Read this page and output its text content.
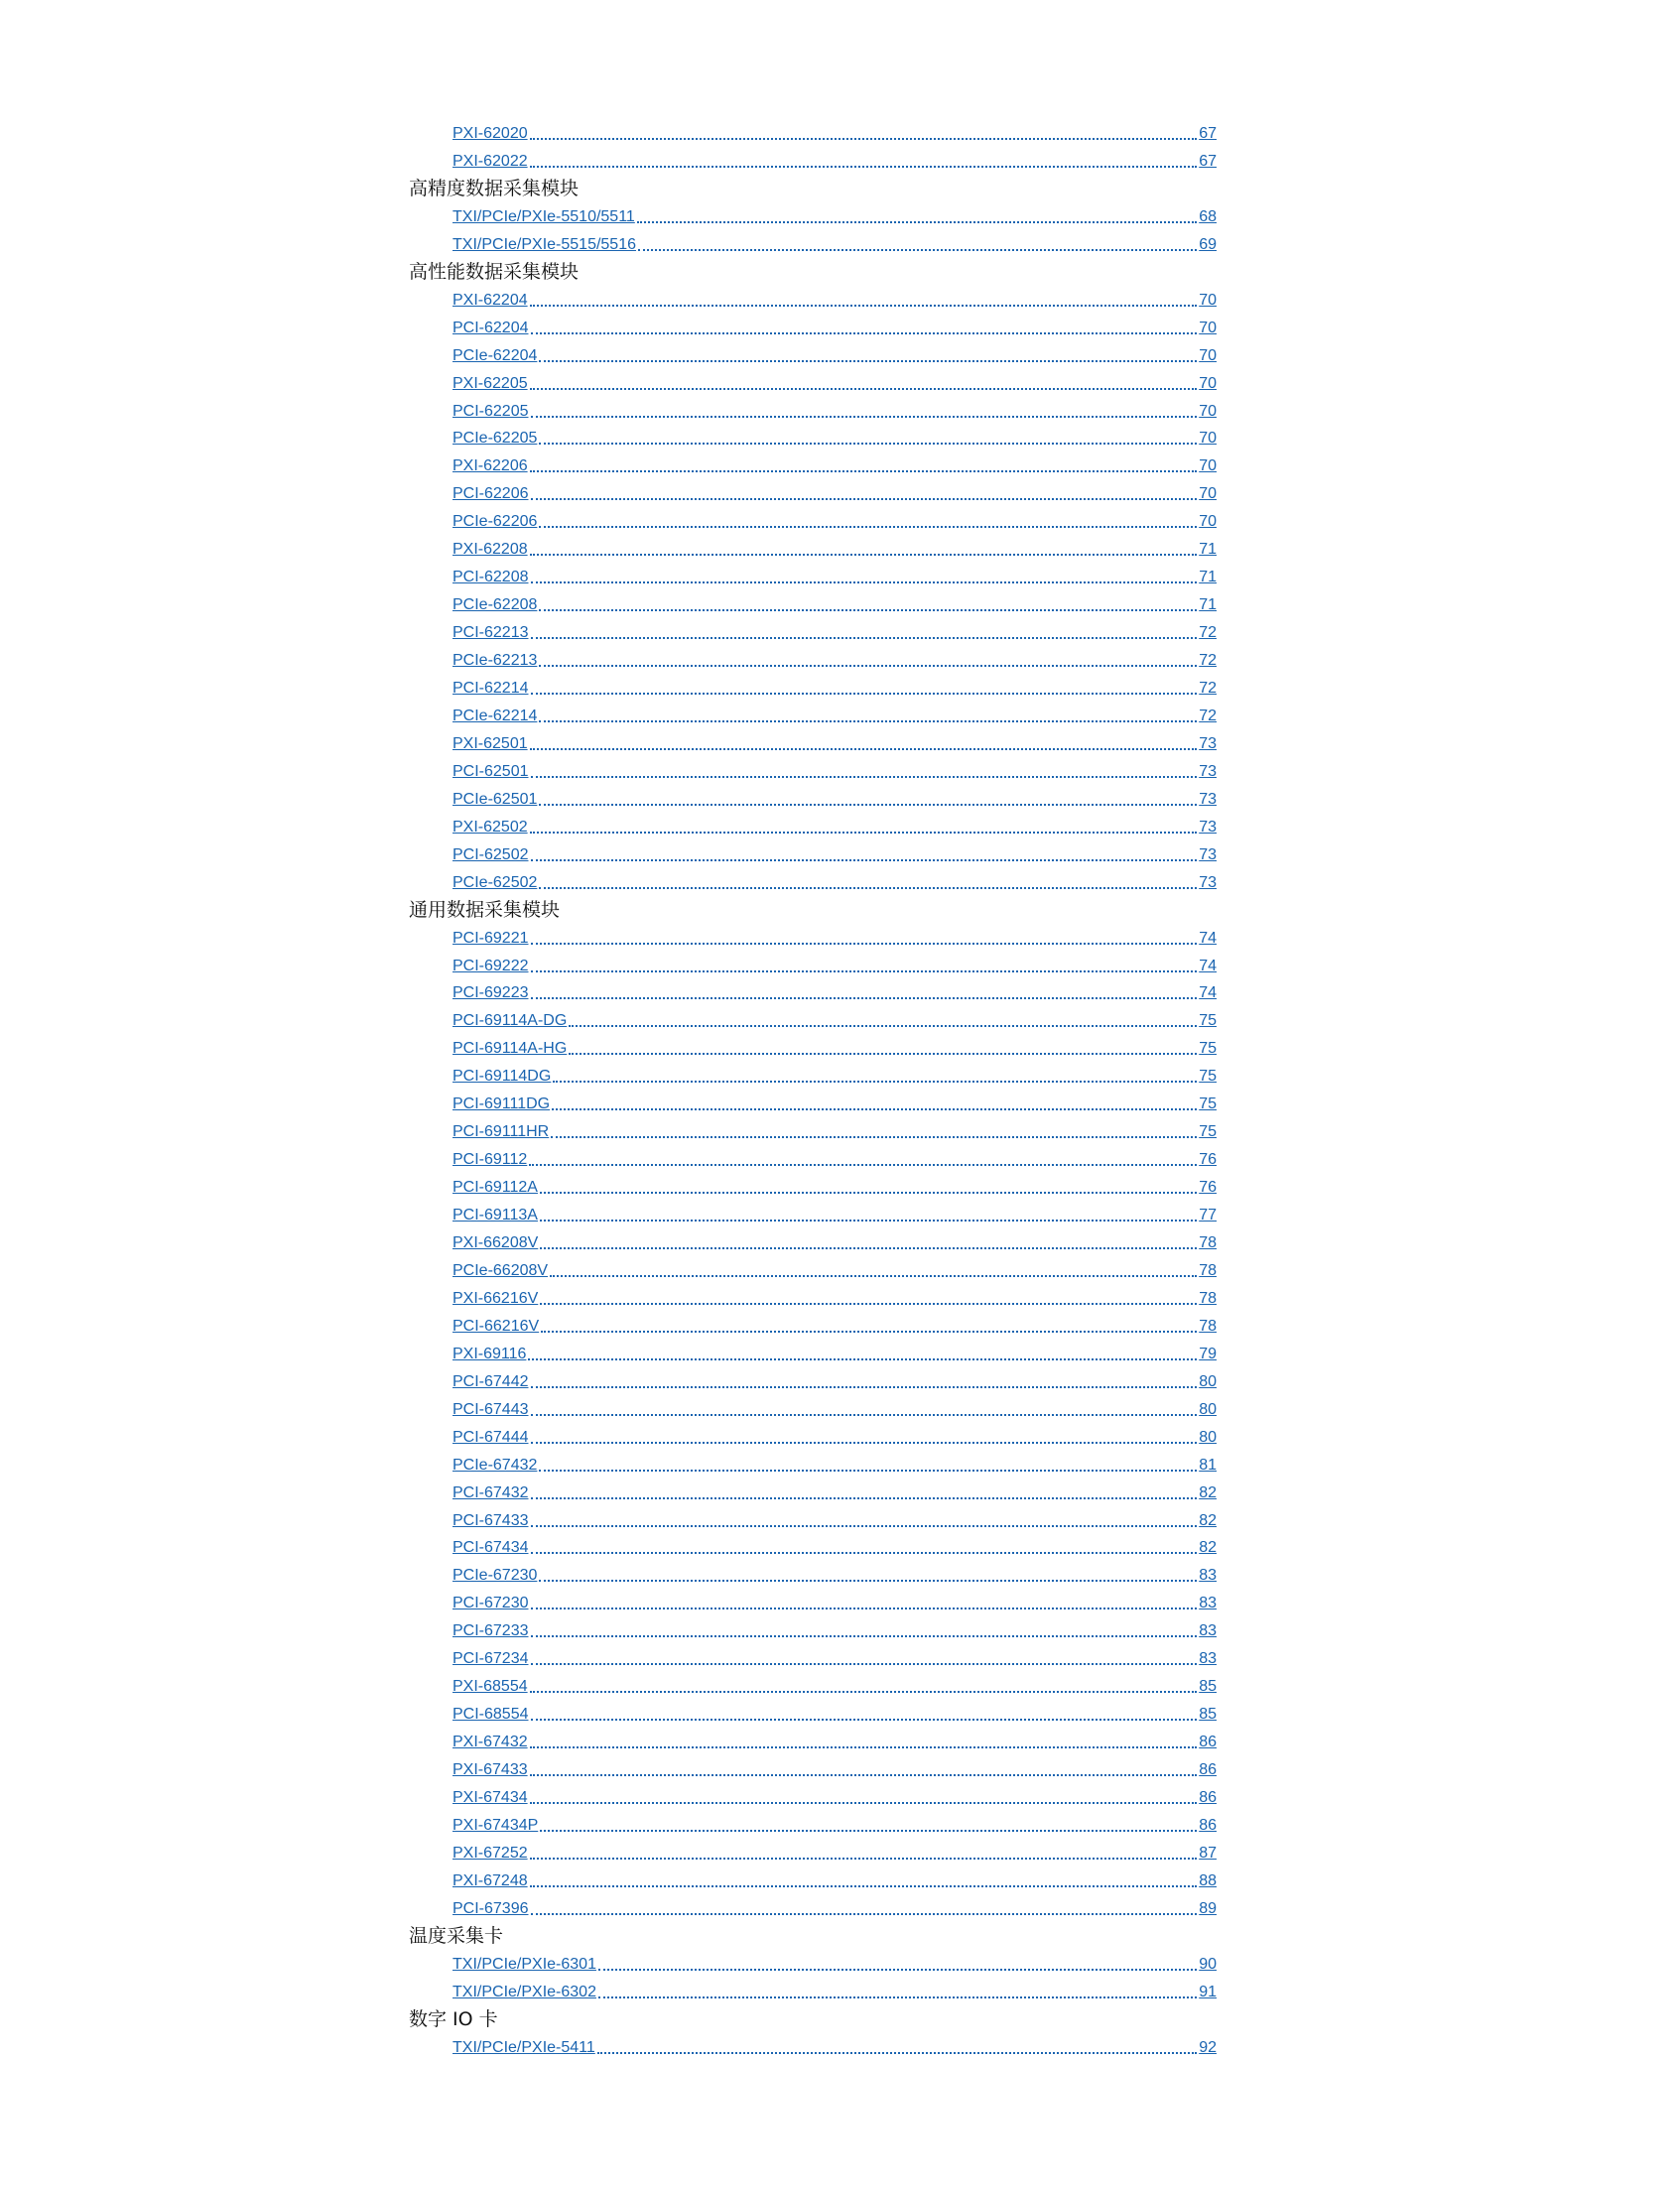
PXI-62020	67
PXI-62022	67
高精度数据采集模块
TXI/PCIe/PXIe-5510/5511	68
TXI/PCIe/PXIe-5515/5516	69
高性能数据采集模块
PXI-62204	70
PCI-62204	70
PCIe-62204	70
PXI-62205	70
PCI-62205	70
PCIe-62205	70
PXI-62206	70
PCI-62206	70
PCIe-62206	70
PXI-62208	71
PCI-62208	71
PCIe-62208	71
PCI-62213	72
PCIe-62213	72
PCI-62214	72
PCIe-62214	72
PXI-62501	73
PCI-62501	73
PCIe-62501	73
PXI-62502	73
PCI-62502	73
PCIe-62502	73
通用数据采集模块
PCI-69221	74
PCI-69222	74
PCI-69223	74
PCI-69114A-DG	75
PCI-69114A-HG	75
PCI-69114DG	75
PCI-69111DG	75
PCI-69111HR	75
PCI-69112	76
PCI-69112A	76
PCI-69113A	77
PXI-66208V	78
PCIe-66208V	78
PXI-66216V	78
PCI-66216V	78
PXI-69116	79
PCI-67442	80
PCI-67443	80
PCI-67444	80
PCIe-67432	81
PCI-67432	82
PCI-67433	82
PCI-67434	82
PCIe-67230	83
PCI-67230	83
PCI-67233	83
PCI-67234	83
PXI-68554	85
PCI-68554	85
PXI-67432	86
PXI-67433	86
PXI-67434	86
PXI-67434P	86
PXI-67252	87
PXI-67248	88
PCI-67396	89
温度采集卡
TXI/PCIe/PXIe-6301	90
TXI/PCIe/PXIe-6302	91
数字 IO 卡
TXI/PCIe/PXIe-5411	92
